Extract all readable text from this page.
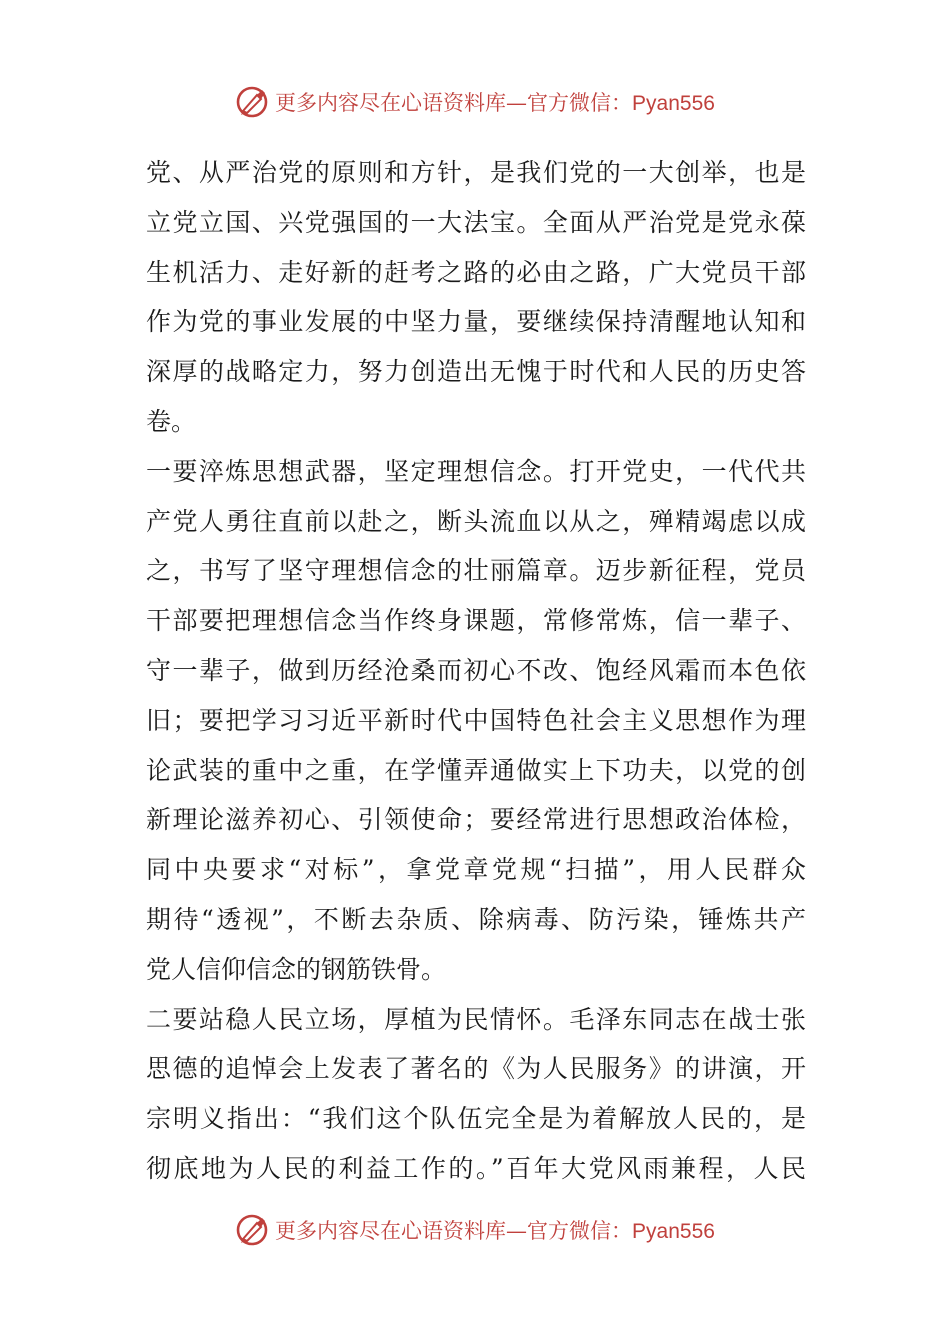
更多内容尽在心语资料库—官方微信：Pyan556
党、从严治党的原则和方针，是我们党的一大创举，也是
立党立国、兴党强国的一大法宝。全面从严治党是党永葆
生机活力、走好新的赶考之路的必由之路，广大党员干部
作为党的事业发展的中坚力量，要继续保持清醒地认知和
深厚的战略定力，努力创造出无愧于时代和人民的历史答
卷。
一要淬炼思想武器，坚定理想信念。打开党史，一代代共
产党人勇往直前以赴之，断头流血以从之，殚精竭虑以成
之，书写了坚守理想信念的壮丽篇章。迈步新征程，党员
干部要把理想信念当作终身课题，常修常炼，信一辈子、
守一辈子，做到历经沧桑而初心不改、饱经风霜而本色依
旧；要把学习习近平新时代中国特色社会主义思想作为理
论武装的重中之重，在学懂弄通做实上下功夫，以党的创
新理论滋养初心、引领使命；要经常进行思想政治体检，
同中央要求“对标”，拿党章党规“扫描”，用人民群众
期待“透视”，不断去杂质、除病毒、防污染，锤炼共产
党人信仰信念的钢筋铁骨。
二要站稳人民立场，厚植为民情怀。毛泽东同志在战士张
思德的追悼会上发表了著名的《为人民服务》的讲演，开
宗明义指出：“我们这个队伍完全是为着解放人民的，是
彻底地为人民的利益工作的。”百年大党风雨兼程，人民
更多内容尽在心语资料库—官方微信：Pyan556
